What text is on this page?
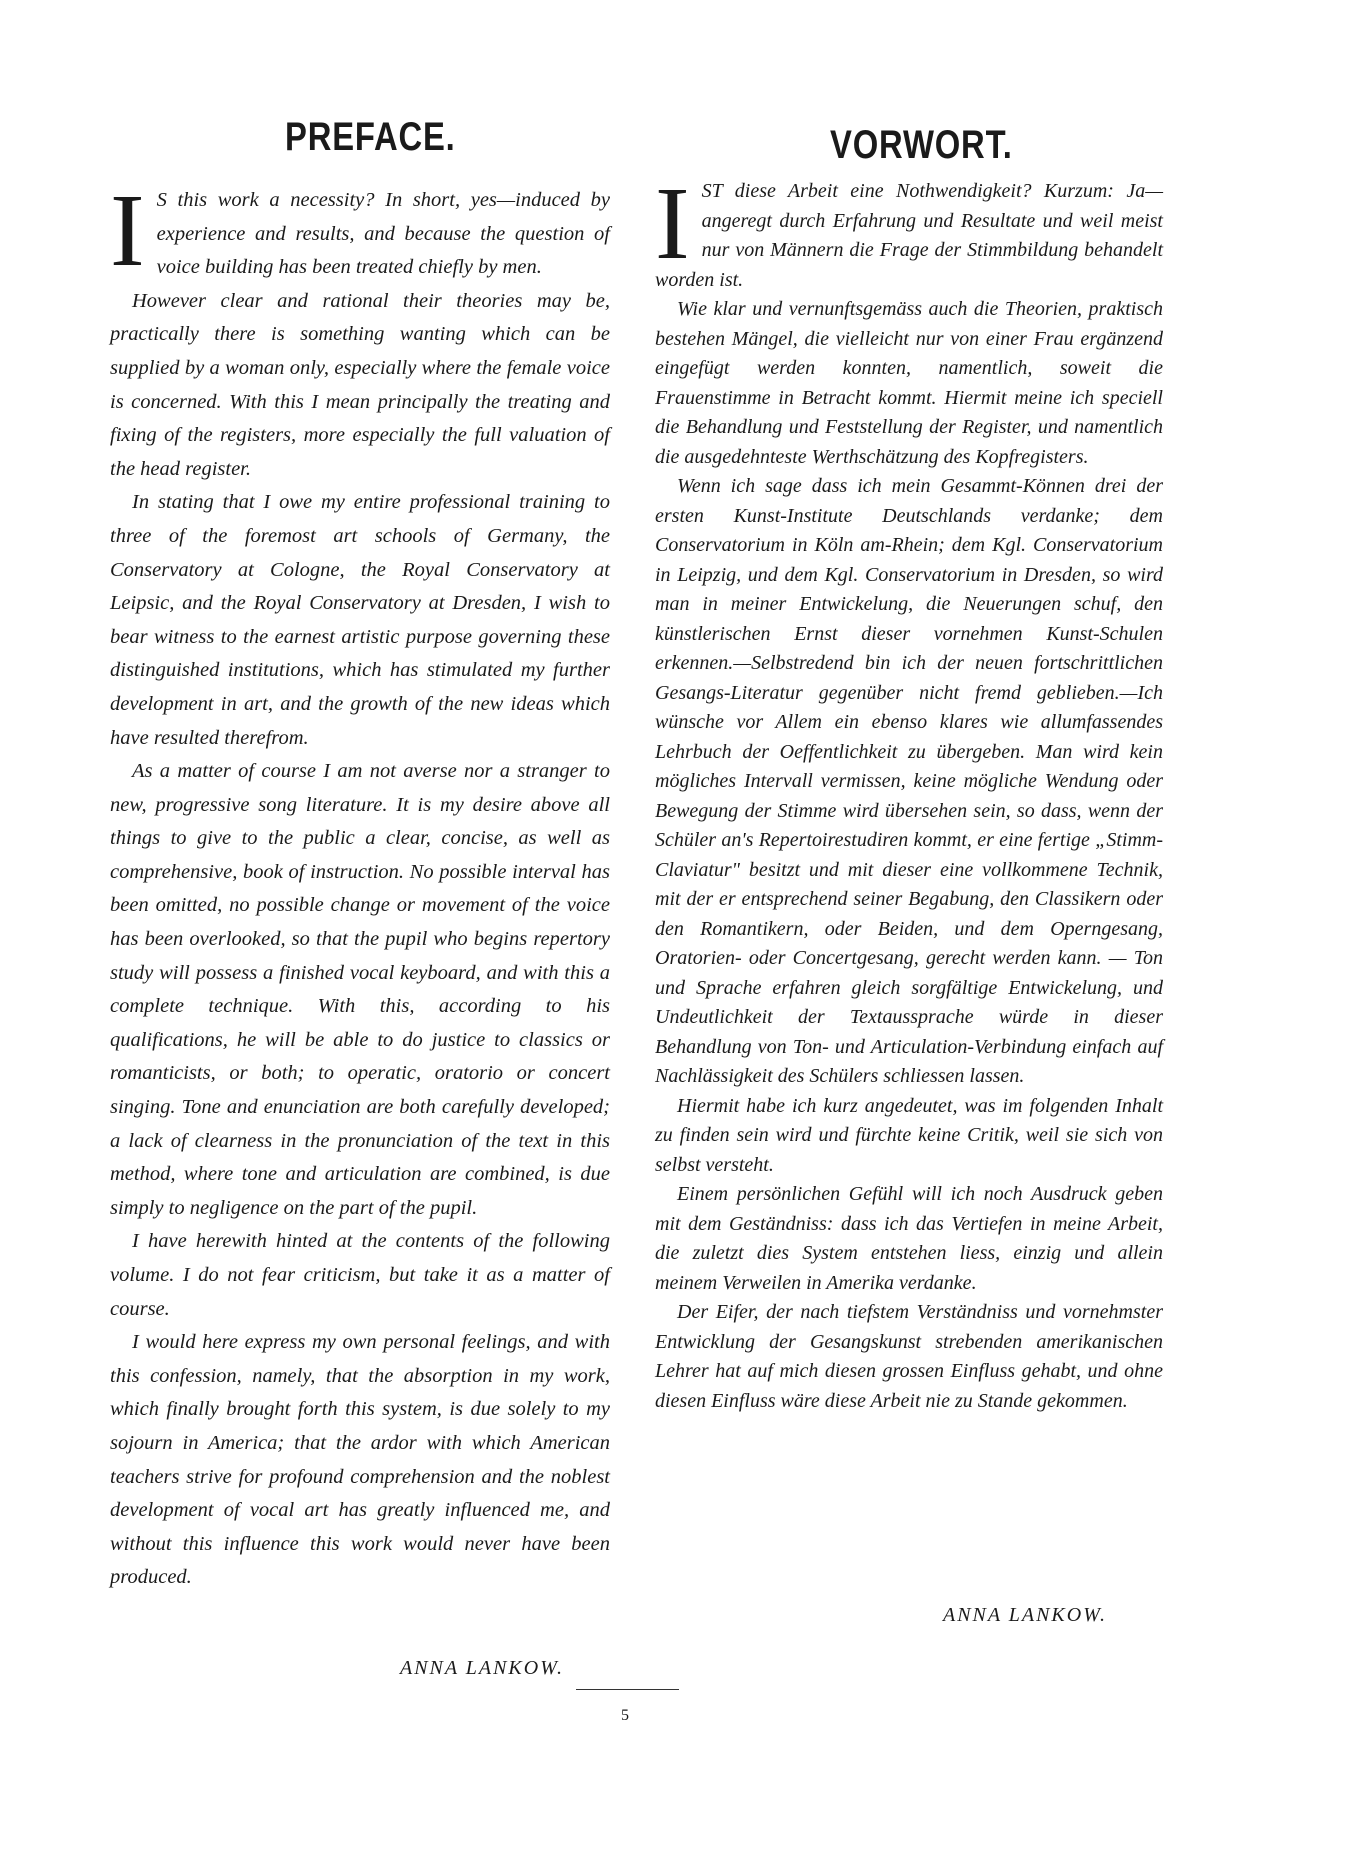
PREFACE.	VORWORT.

I S this work a necessity? In short, yes—induced by experience and results, and because the question of voice building has been treated chiefly by men.

However clear and rational their theories may be, practically there is something wanting which can be supplied by a woman only, especially where the female voice is concerned. With this I mean principally the treating and fixing of the registers, more especially the full valuation of the head register.

In stating that I owe my entire professional training to three of the foremost art schools of Germany, the Conservatory at Cologne, the Royal Conservatory at Leipsic, and the Royal Conservatory at Dresden, I wish to bear witness to the earnest artistic purpose governing these distinguished institutions, which has stimulated my further development in art, and the growth of the new ideas which have resulted therefrom.

As a matter of course I am not averse nor a stranger to new, progressive song literature. It is my desire above all things to give to the public a clear, concise, as well as comprehensive, book of instruction. No possible interval has been omitted, no possible change or movement of the voice has been overlooked, so that the pupil who begins repertory study will possess a finished vocal keyboard, and with this a complete technique. With this, according to his qualifications, he will be able to do justice to classics or romanticists, or both; to operatic, oratorio or concert singing. Tone and enunciation are both carefully developed; a lack of clearness in the pronunciation of the text in this method, where tone and articulation are combined, is due simply to negligence on the part of the pupil.

I have herewith hinted at the contents of the following volume. I do not fear criticism, but take it as a matter of course.

I would here express my own personal feelings, and with this confession, namely, that the absorption in my work, which finally brought forth this system, is due solely to my sojourn in America; that the ardor with which American teachers strive for profound comprehension and the noblest development of vocal art has greatly influenced me, and without this influence this work would never have been produced.

IST diese Arbeit eine Nothwendigkeit? Kurzum: Ja—angeregt durch Erfahrung und Resultate und weil meist nur von Männern die Frage der Stimmbildung behandelt worden ist.

Wie klar und vernunftsgemäss auch die Theorien, praktisch bestehen Mängel, die vielleicht nur von einer Frau ergänzend eingefügt werden konnten, namentlich, soweit die Frauenstimme in Betracht kommt. Hiermit meine ich speciell die Behandlung und Feststellung der Register, und namentlich die ausgedehnteste Werthschätzung des Kopfregisters.

Wenn ich sage dass ich mein Gesammt-Können drei der ersten Kunst-Institute Deutschlands verdanke; dem Conservatorium in Köln am-Rhein; dem Kgl. Conservatorium in Leipzig, und dem Kgl. Conservatorium in Dresden, so wird man in meiner Entwickelung, die Neuerungen schuf, den künstlerischen Ernst dieser vornehmen Kunst-Schulen erkennen.—Selbstredend bin ich der neuen fortschrittlichen Gesangs-Literatur gegenüber nicht fremd geblieben.—Ich wünsche vor Allem ein ebenso klares wie allumfassendes Lehrbuch der Oeffentlichkeit zu übergeben. Man wird kein mögliches Intervall vermissen, keine mögliche Wendung oder Bewegung der Stimme wird übersehen sein, so dass, wenn der Schüler an's Repertoirestudiren kommt, er eine fertige „Stimm-Claviatur" besitzt und mit dieser eine vollkommene Technik, mit der er entsprechend seiner Begabung, den Classikern oder den Romantikern, oder Beiden, und dem Operngesang, Oratorien- oder Concertgesang, gerecht werden kann. — Ton und Sprache erfahren gleich sorgfältige Entwickelung, und Undeutlichkeit der Textaussprache würde in dieser Behandlung von Ton- und Articulation-Verbindung einfach auf Nachlässigkeit des Schülers schliessen lassen.

Hiermit habe ich kurz angedeutet, was im folgenden Inhalt zu finden sein wird und fürchte keine Critik, weil sie sich von selbst versteht.

Einem persönlichen Gefühl will ich noch Ausdruck geben mit dem Geständniss: dass ich das Vertiefen in meine Arbeit, die zuletzt dies System entstehen liess, einzig und allein meinem Verweilen in Amerika verdanke.

Der Eifer, der nach tiefstem Verständniss und vornehmster Entwicklung der Gesangskunst strebenden amerikanischen Lehrer hat auf mich diesen grossen Einfluss gehabt, und ohne diesen Einfluss wäre diese Arbeit nie zu Stande gekommen.

ANNA LANKOW.
ANNA LANKOW.
5
